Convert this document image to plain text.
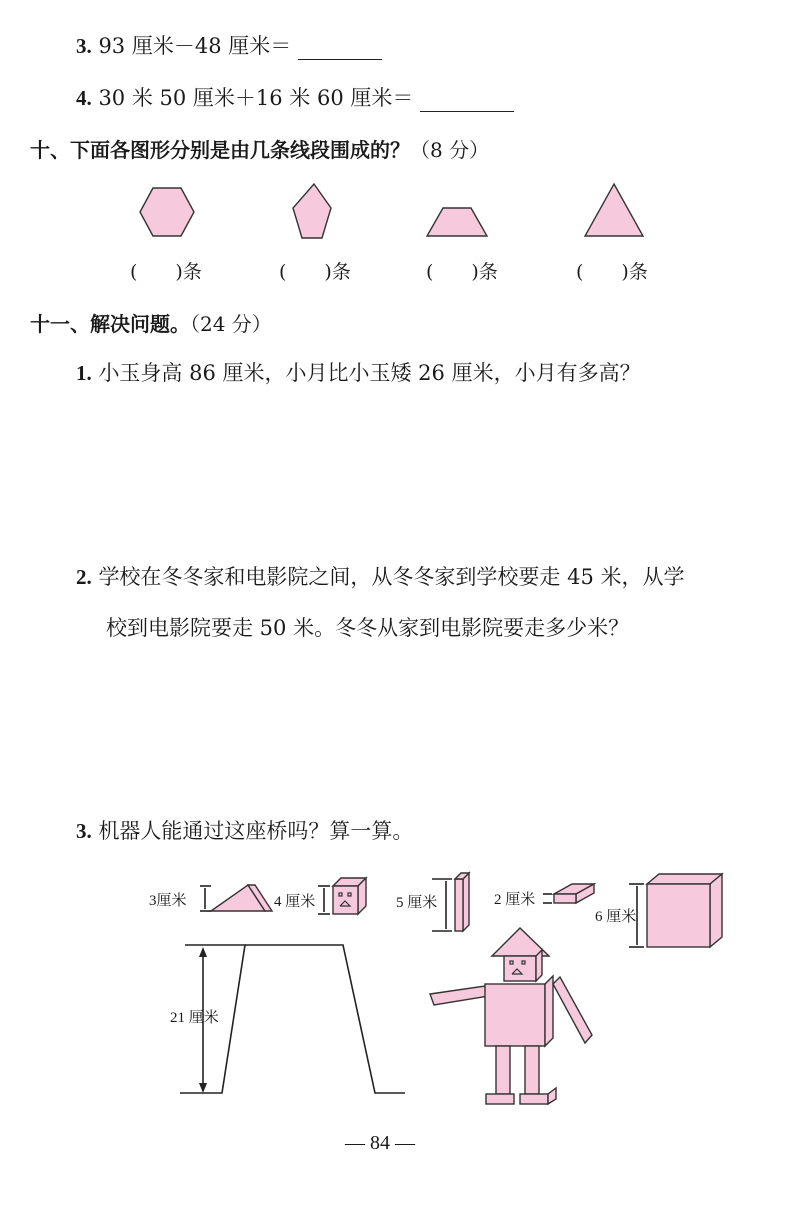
3. 93 厘米－48 厘米＝
4. 30 米 50 厘米＋16 米 60 厘米＝
十、下面各图形分别是由几条线段围成的？（8 分）
(　　)条	(　　)条	(　　)条	(　　)条
十一、解决问题。（24 分）
1. 小玉身高 86 厘米，小月比小玉矮 26 厘米，小月有多高？
2. 学校在冬冬家和电影院之间，从冬冬家到学校要走 45 米，从学
校到电影院要走 50 米。冬冬从家到电影院要走多少米？
3. 机器人能通过这座桥吗？算一算。
3厘米	4 厘米	5 厘米	2 厘米
6 厘米
21 厘米
— 84 —
